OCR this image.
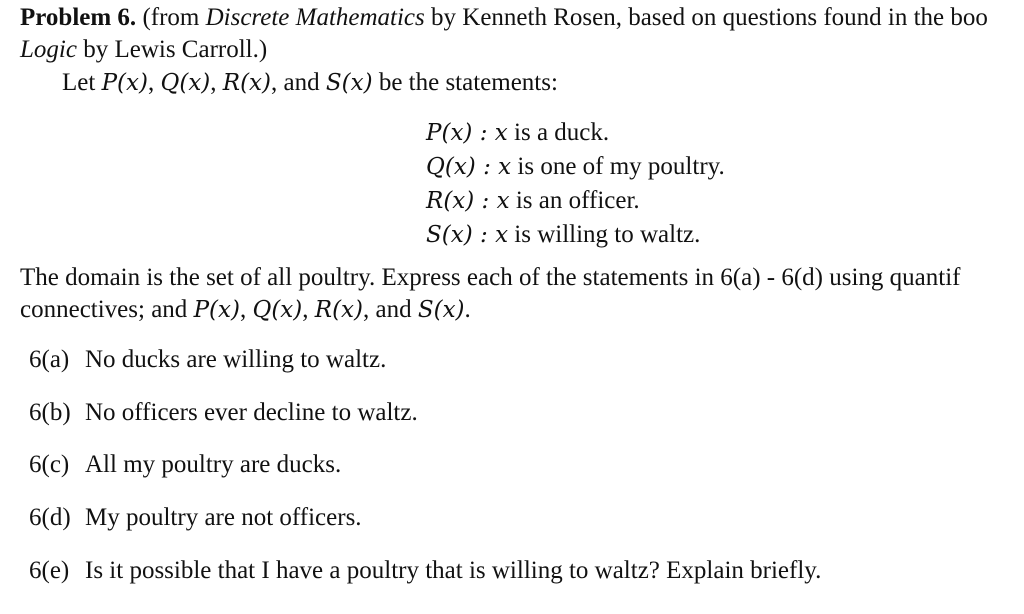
Problem 6. (from Discrete Mathematics by Kenneth Rosen, based on questions found in the boo
Logic by Lewis Carroll.)
Let P(x), Q(x), R(x), and S(x) be the statements:
P(x) : x is a duck.
Q(x) : x is one of my poultry.
R(x) : x is an officer.
S(x) : x is willing to waltz.
The domain is the set of all poultry. Express each of the statements in 6(a) - 6(d) using quantif
connectives; and P(x), Q(x), R(x), and S(x).
6(a) No ducks are willing to waltz.
6(b) No officers ever decline to waltz.
6(c) All my poultry are ducks.
6(d) My poultry are not officers.
6(e) Is it possible that I have a poultry that is willing to waltz? Explain briefly.
